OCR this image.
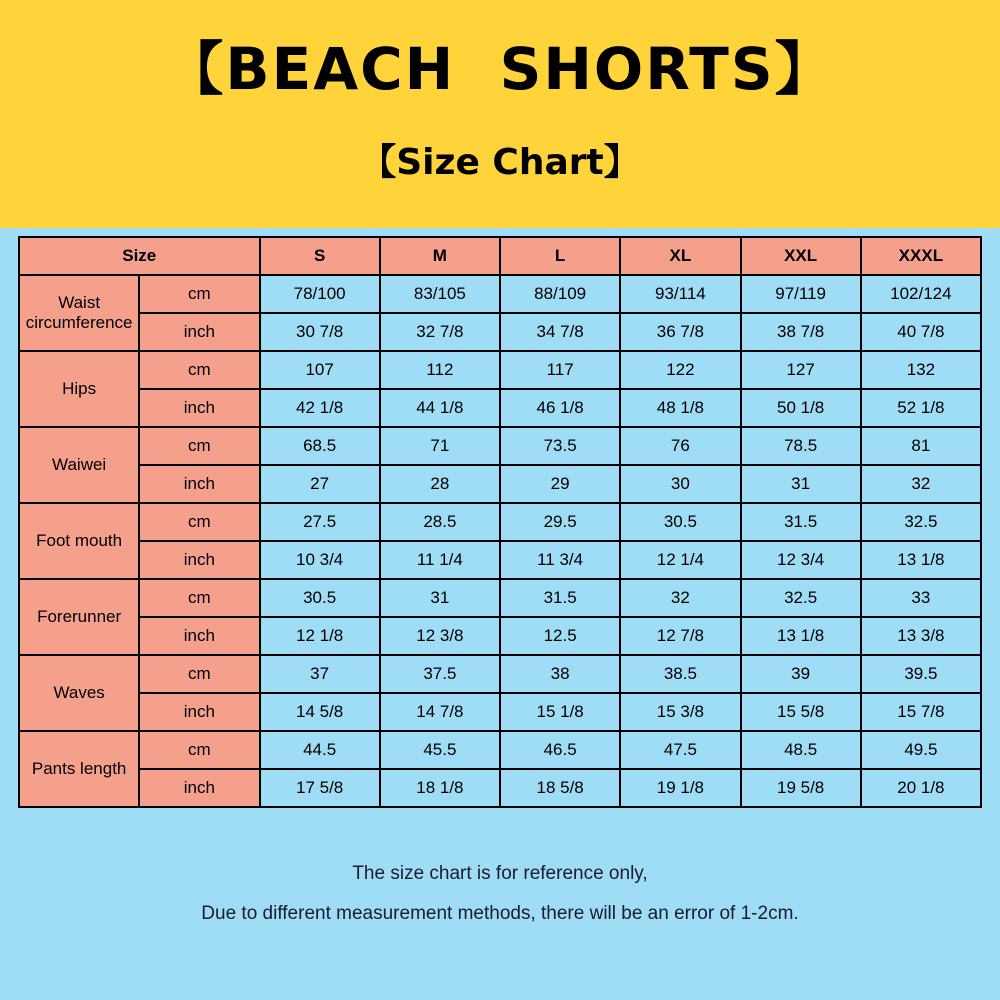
【BEACH  SHORTS】
【Size Chart】
Size		S	M	L	XL	XXL	XXXL
Waist circumference	cm	78/100	83/105	88/109	93/114	97/119	102/124
	inch	30 7/8	32 7/8	34 7/8	36 7/8	38 7/8	40 7/8
Hips	cm	107	112	117	122	127	132
	inch	42 1/8	44 1/8	46 1/8	48 1/8	50 1/8	52 1/8
Waiwei	cm	68.5	71	73.5	76	78.5	81
	inch	27	28	29	30	31	32
Foot mouth	cm	27.5	28.5	29.5	30.5	31.5	32.5
	inch	10 3/4	11 1/4	11 3/4	12 1/4	12 3/4	13 1/8
Forerunner	cm	30.5	31	31.5	32	32.5	33
	inch	12 1/8	12 3/8	12.5	12 7/8	13 1/8	13 3/8
Waves	cm	37	37.5	38	38.5	39	39.5
	inch	14 5/8	14 7/8	15 1/8	15 3/8	15 5/8	15 7/8
Pants length	cm	44.5	45.5	46.5	47.5	48.5	49.5
	inch	17 5/8	18 1/8	18 5/8	19 1/8	19 5/8	20 1/8
The size chart is for reference only,
Due to different measurement methods, there will be an error of 1-2cm.
